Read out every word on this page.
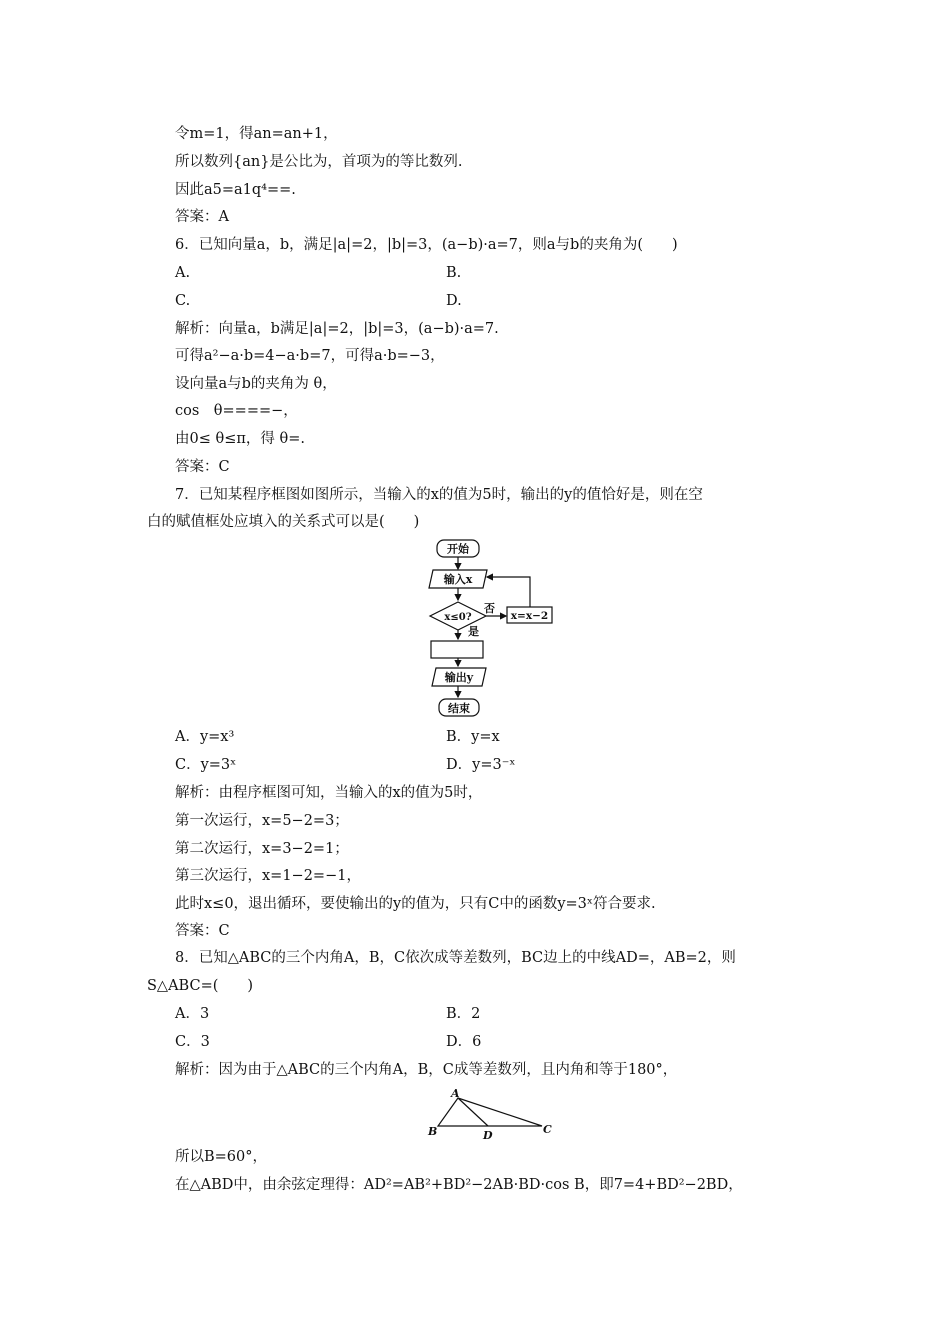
令m=1，得an=an+1，
所以数列{an}是公比为，首项为的等比数列.
因此a5=a1q⁴==.
答案：A
6．已知向量a，b，满足|a|=2，|b|=3，(a−b)·a=7，则a与b的夹角为(　　)
A.	B.
C.	D.
解析：向量a，b满足|a|=2，|b|=3，(a−b)·a=7.
可得a²−a·b=4−a·b=7，可得a·b=−3，
设向量a与b的夹角为 θ，
cos　θ====−，
由0≤ θ≤π，得 θ=.
答案：C
7．已知某程序框图如图所示，当输入的x的值为5时，输出的y的值恰好是，则在空
白的赋值框处应填入的关系式可以是(　　)
开始
输入x
x≤0?
否
x=x−2
是
输出y
结束
A．y=x³	B．y=x
C．y=3ˣ	D．y=3⁻ˣ
解析：由程序框图可知，当输入的x的值为5时，
第一次运行，x=5−2=3；
第二次运行，x=3−2=1；
第三次运行，x=1−2=−1，
此时x≤0，退出循环，要使输出的y的值为，只有C中的函数y=3ˣ符合要求.
答案：C
8．已知△ABC的三个内角A，B，C依次成等差数列，BC边上的中线AD=，AB=2，则
S△ABC=(　　)
A．3	B．2
C．3	D．6
解析：因为由于△ABC的三个内角A，B，C成等差数列，且内角和等于180°，
A
B	D	C
所以B=60°，
在△ABD中，由余弦定理得：AD²=AB²+BD²−2AB·BD·cos B，即7=4+BD²−2BD，
